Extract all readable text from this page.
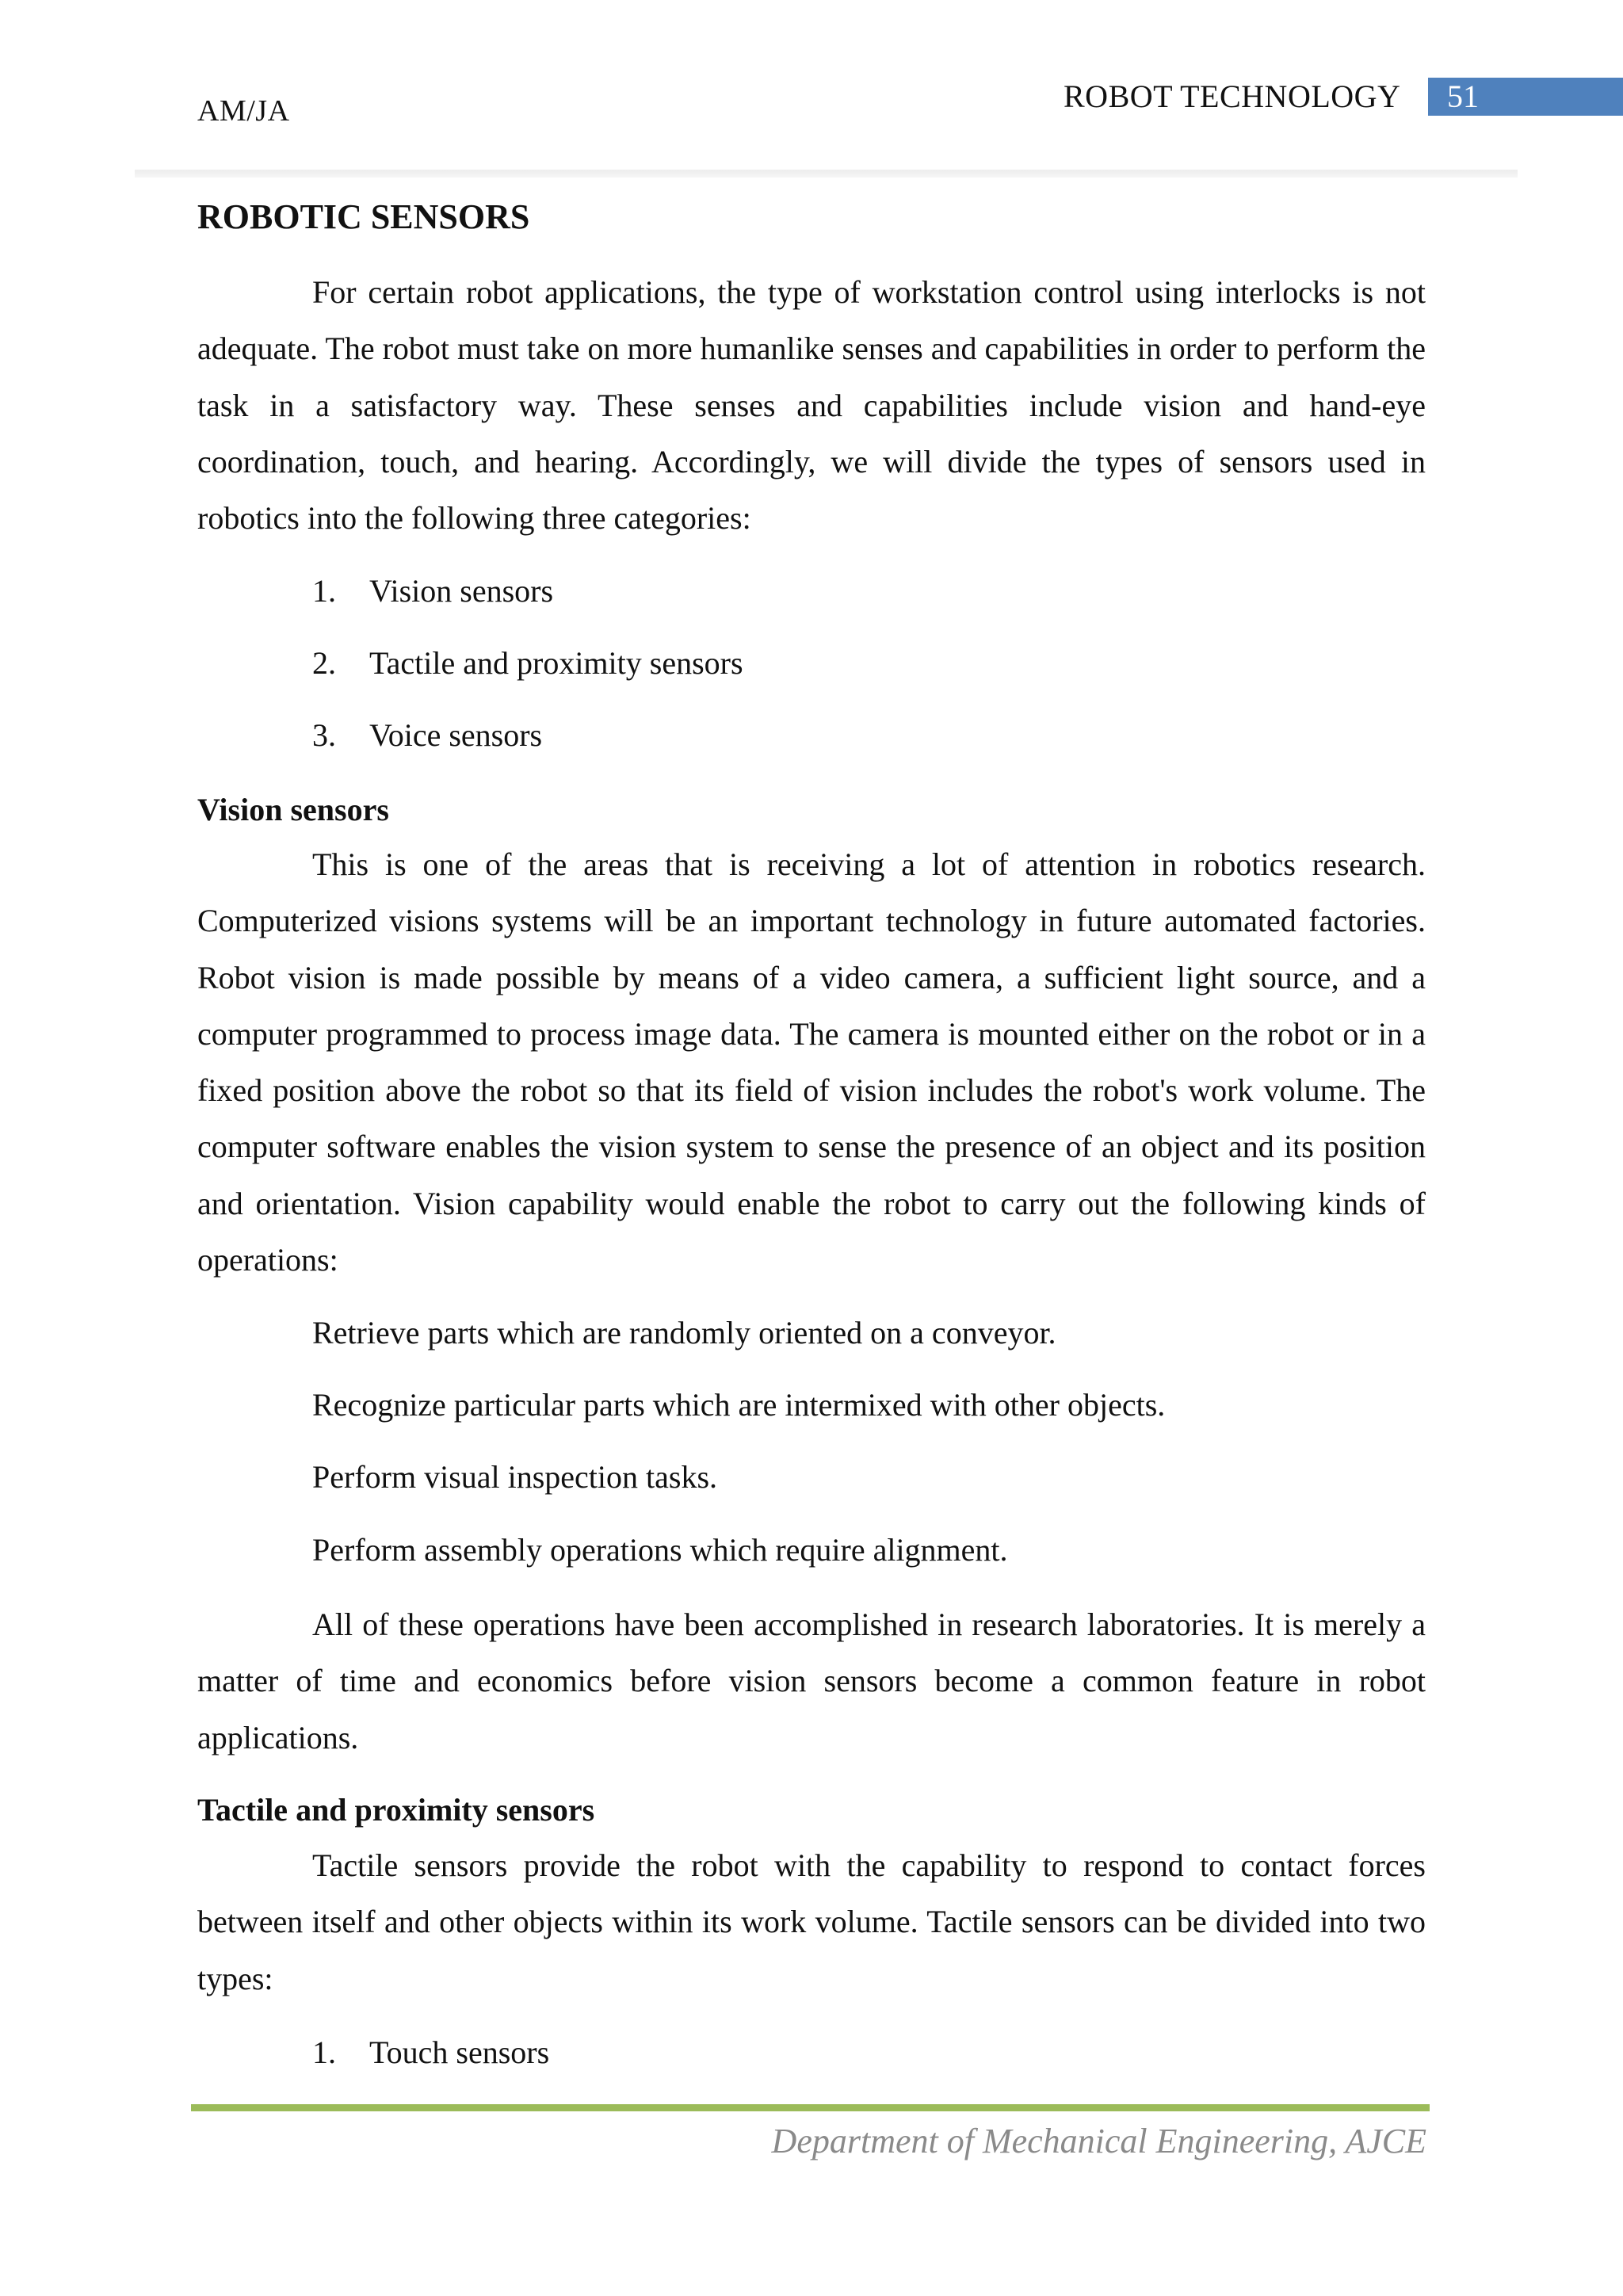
AM/JA	ROBOT TECHNOLOGY 51
ROBOTIC SENSORS
For certain robot applications, the type of workstation control using interlocks is not adequate. The robot must take on more humanlike senses and capabilities in order to perform the task in a satisfactory way. These senses and capabilities include vision and hand-eye coordination, touch, and hearing. Accordingly, we will divide the types of sensors used in robotics into the following three categories:
1. Vision sensors
2. Tactile and proximity sensors
3. Voice sensors
Vision sensors
This is one of the areas that is receiving a lot of attention in robotics research. Computerized visions systems will be an important technology in future automated factories. Robot vision is made possible by means of a video camera, a sufficient light source, and a computer programmed to process image data. The camera is mounted either on the robot or in a fixed position above the robot so that its field of vision includes the robot's work volume. The computer software enables the vision system to sense the presence of an object and its position and orientation. Vision capability would enable the robot to carry out the following kinds of operations:
Retrieve parts which are randomly oriented on a conveyor.
Recognize particular parts which are intermixed with other objects.
Perform visual inspection tasks.
Perform assembly operations which require alignment.
All of these operations have been accomplished in research laboratories. It is merely a matter of time and economics before vision sensors become a common feature in robot applications.
Tactile and proximity sensors
Tactile sensors provide the robot with the capability to respond to contact forces between itself and other objects within its work volume. Tactile sensors can be divided into two types:
1. Touch sensors
Department of Mechanical Engineering, AJCE
